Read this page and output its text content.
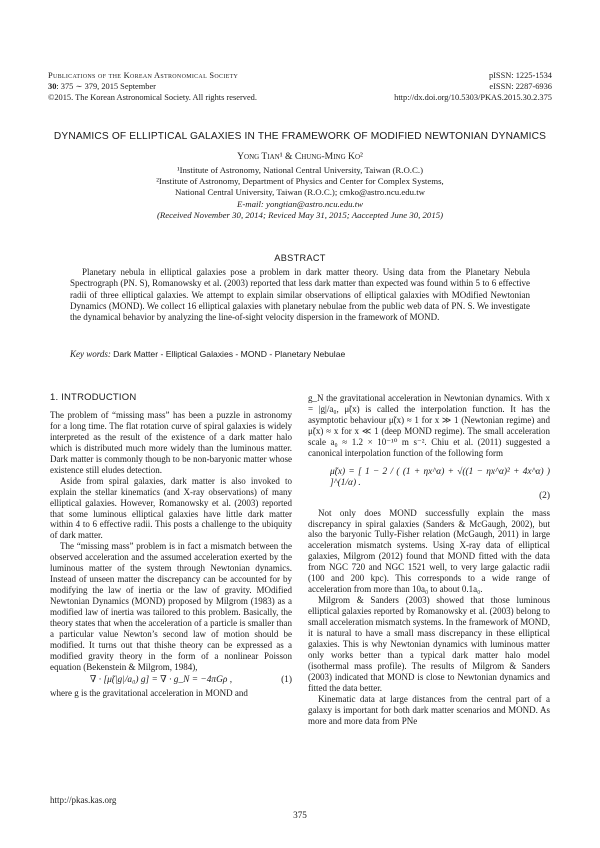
Publications of the Korean Astronomical Society
30: 375 ∼ 379, 2015 September
©2015. The Korean Astronomical Society. All rights reserved.
pISSN: 1225-1534
eISSN: 2287-6936
http://dx.doi.org/10.5303/PKAS.2015.30.2.375
DYNAMICS OF ELLIPTICAL GALAXIES IN THE FRAMEWORK OF MODIFIED NEWTONIAN DYNAMICS
Yong Tian¹ & Chung-Ming Ko²
¹Institute of Astronomy, National Central University, Taiwan (R.O.C.)
²Institute of Astronomy, Department of Physics and Center for Complex Systems,
National Central University, Taiwan (R.O.C.); cmko@astro.ncu.edu.tw
E-mail: yongtian@astro.ncu.edu.tw
(Received November 30, 2014; Reviced May 31, 2015; Aaccepted June 30, 2015)
ABSTRACT
Planetary nebula in elliptical galaxies pose a problem in dark matter theory. Using data from the Planetary Nebula Spectrograph (PN. S), Romanowsky et al. (2003) reported that less dark matter than expected was found within 5 to 6 effective radii of three elliptical galaxies. We attempt to explain similar observations of elliptical galaxies with MOdified Newtonian Dynamics (MOND). We collect 16 elliptical galaxies with planetary nebulae from the public web data of PN. S. We investigate the dynamical behavior by analyzing the line-of-sight velocity dispersion in the framework of MOND.
Key words: Dark Matter - Elliptical Galaxies - MOND - Planetary Nebulae
1. INTRODUCTION

The problem of “missing mass” has been a puzzle in astronomy for a long time. The flat rotation curve of spiral galaxies is widely interpreted as the result of the existence of a dark matter halo which is distributed much more widely than the luminous matter. Dark matter is commonly though to be non-baryonic matter whose existence still eludes detection.

Aside from spiral galaxies, dark matter is also invoked to explain the stellar kinematics (and X-ray observations) of many elliptical galaxies. However, Romanowsky et al. (2003) reported that some luminous elliptical galaxies have little dark matter within 4 to 6 effective radii. This posts a challenge to the ubiquity of dark matter.

The “missing mass” problem is in fact a mismatch between the observed acceleration and the assumed acceleration exerted by the luminous matter of the system through Newtonian dynamics. Instead of unseen matter the discrepancy can be accounted for by modifying the law of inertia or the law of gravity. MOdified Newtonian Dynamics (MOND) proposed by Milgrom (1983) as a modified law of inertia was tailored to this problem. Basically, the theory states that when the acceleration of a particle is smaller than a particular value Newton’s second law of motion should be modified. It turns out that thishe theory can be expressed as a modified gravity theory in the form of a nonlinear Poisson equation (Bekenstein & Milgrom, 1984),

∇ · [μ̃(|g|/a₀) g] = ∇ · g_N = −4πGρ ,	(1)

where g is the gravitational acceleration in MOND and

g_N the gravitational acceleration in Newtonian dynamics. With x = |g|/a₀, μ̃(x) is called the interpolation function. It has the asymptotic behaviour μ̃(x) ≈ 1 for x ≫ 1 (Newtonian regime) and μ̃(x) ≈ x for x ≪ 1 (deep MOND regime). The small acceleration scale a₀ ≈ 1.2 × 10⁻¹⁰ m s⁻². Chiu et al. (2011) suggested a canonical interpolation function of the following form

μ̃(x) = [ 1 − 2 / ( (1 + ηx^α) + √((1 − ηx^α)² + 4x^α) ) ]^(1/α) .
(2)

Not only does MOND successfully explain the mass discrepancy in spiral galaxies (Sanders & McGaugh, 2002), but also the baryonic Tully-Fisher relation (McGaugh, 2011) in large acceleration mismatch systems. Using X-ray data of elliptical galaxies, Milgrom (2012) found that MOND fitted with the data from NGC 720 and NGC 1521 well, to very large galactic radii (100 and 200 kpc). This corresponds to a wide range of acceleration from more than 10a₀ to about 0.1a₀.

Milgrom & Sanders (2003) showed that those luminous elliptical galaxies reported by Romanowsky et al. (2003) belong to small acceleration mismatch systems. In the framework of MOND, it is natural to have a small mass discrepancy in these elliptical galaxies. This is why Newtonian dynamics with luminous matter only works better than a typical dark matter halo model (isothermal mass profile). The results of Milgrom & Sanders (2003) indicated that MOND is close to Newtonian dynamics and fitted the data better.

Kinematic data at large distances from the central part of a galaxy is important for both dark matter scenarios and MOND. As more and more data from PNe

http://pkas.kas.org
375
